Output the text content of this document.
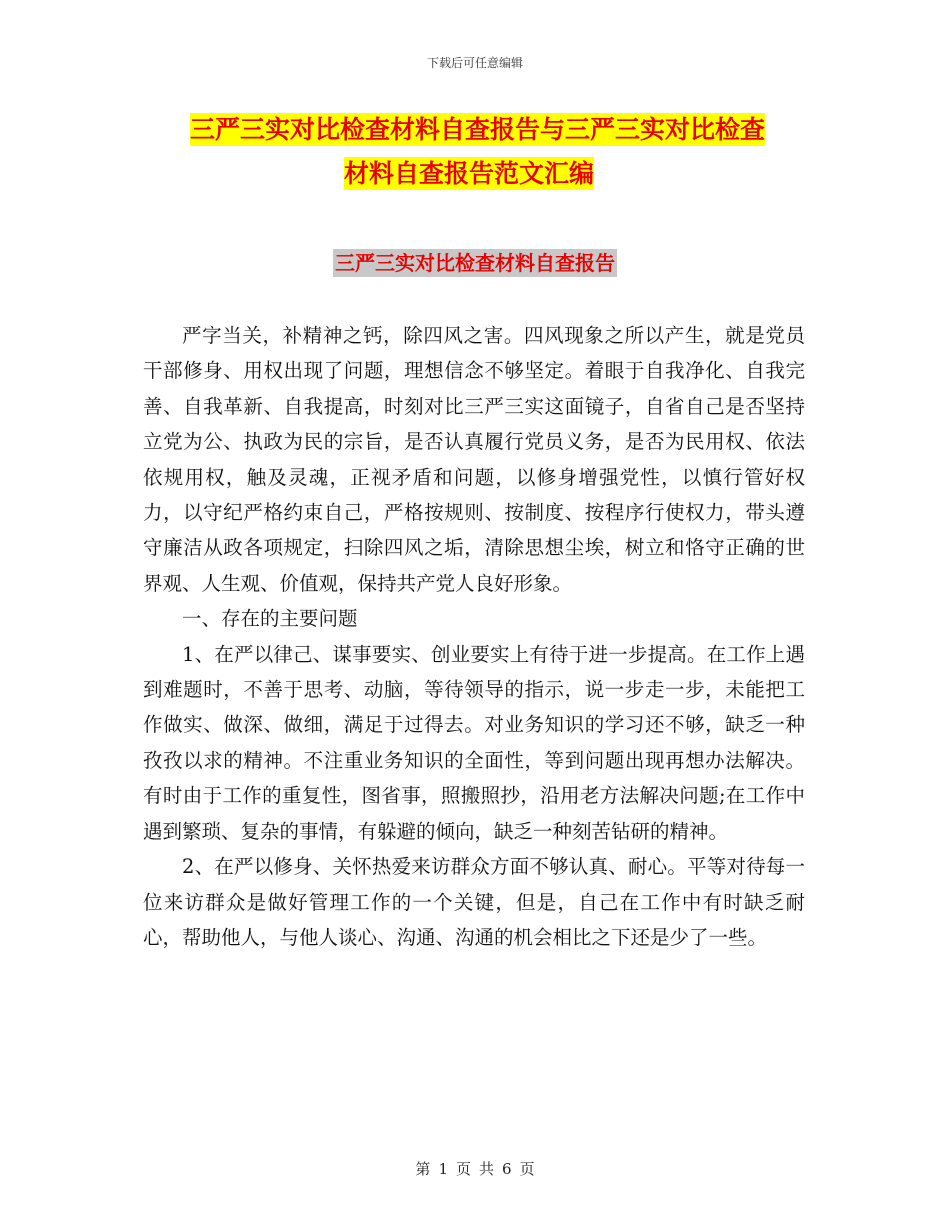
下载后可任意编辑
三严三实对比检查材料自查报告与三严三实对比检查
材料自查报告范文汇编
三严三实对比检查材料自查报告

严字当关，补精神之钙，除四风之害。四风现象之所以产生，就是党员干部修身、用权出现了问题，理想信念不够坚定。着眼于自我净化、自我完善、自我革新、自我提高，时刻对比三严三实这面镜子，自省自己是否坚持立党为公、执政为民的宗旨，是否认真履行党员义务，是否为民用权、依法依规用权，触及灵魂，正视矛盾和问题，以修身增强党性，以慎行管好权力，以守纪严格约束自己，严格按规则、按制度、按程序行使权力，带头遵守廉洁从政各项规定，扫除四风之垢，清除思想尘埃，树立和恪守正确的世界观、人生观、价值观，保持共产党人良好形象。

一、存在的主要问题

1、在严以律己、谋事要实、创业要实上有待于进一步提高。在工作上遇到难题时，不善于思考、动脑，等待领导的指示，说一步走一步，未能把工作做实、做深、做细，满足于过得去。对业务知识的学习还不够，缺乏一种孜孜以求的精神。不注重业务知识的全面性，等到问题出现再想办法解决。有时由于工作的重复性，图省事，照搬照抄，沿用老方法解决问题;在工作中遇到繁琐、复杂的事情，有躲避的倾向，缺乏一种刻苦钻研的精神。

2、在严以修身、关怀热爱来访群众方面不够认真、耐心。平等对待每一位来访群众是做好管理工作的一个关键，但是，自己在工作中有时缺乏耐心，帮助他人，与他人谈心、沟通、沟通的机会相比之下还是少了一些。

第 1 页 共 6 页
